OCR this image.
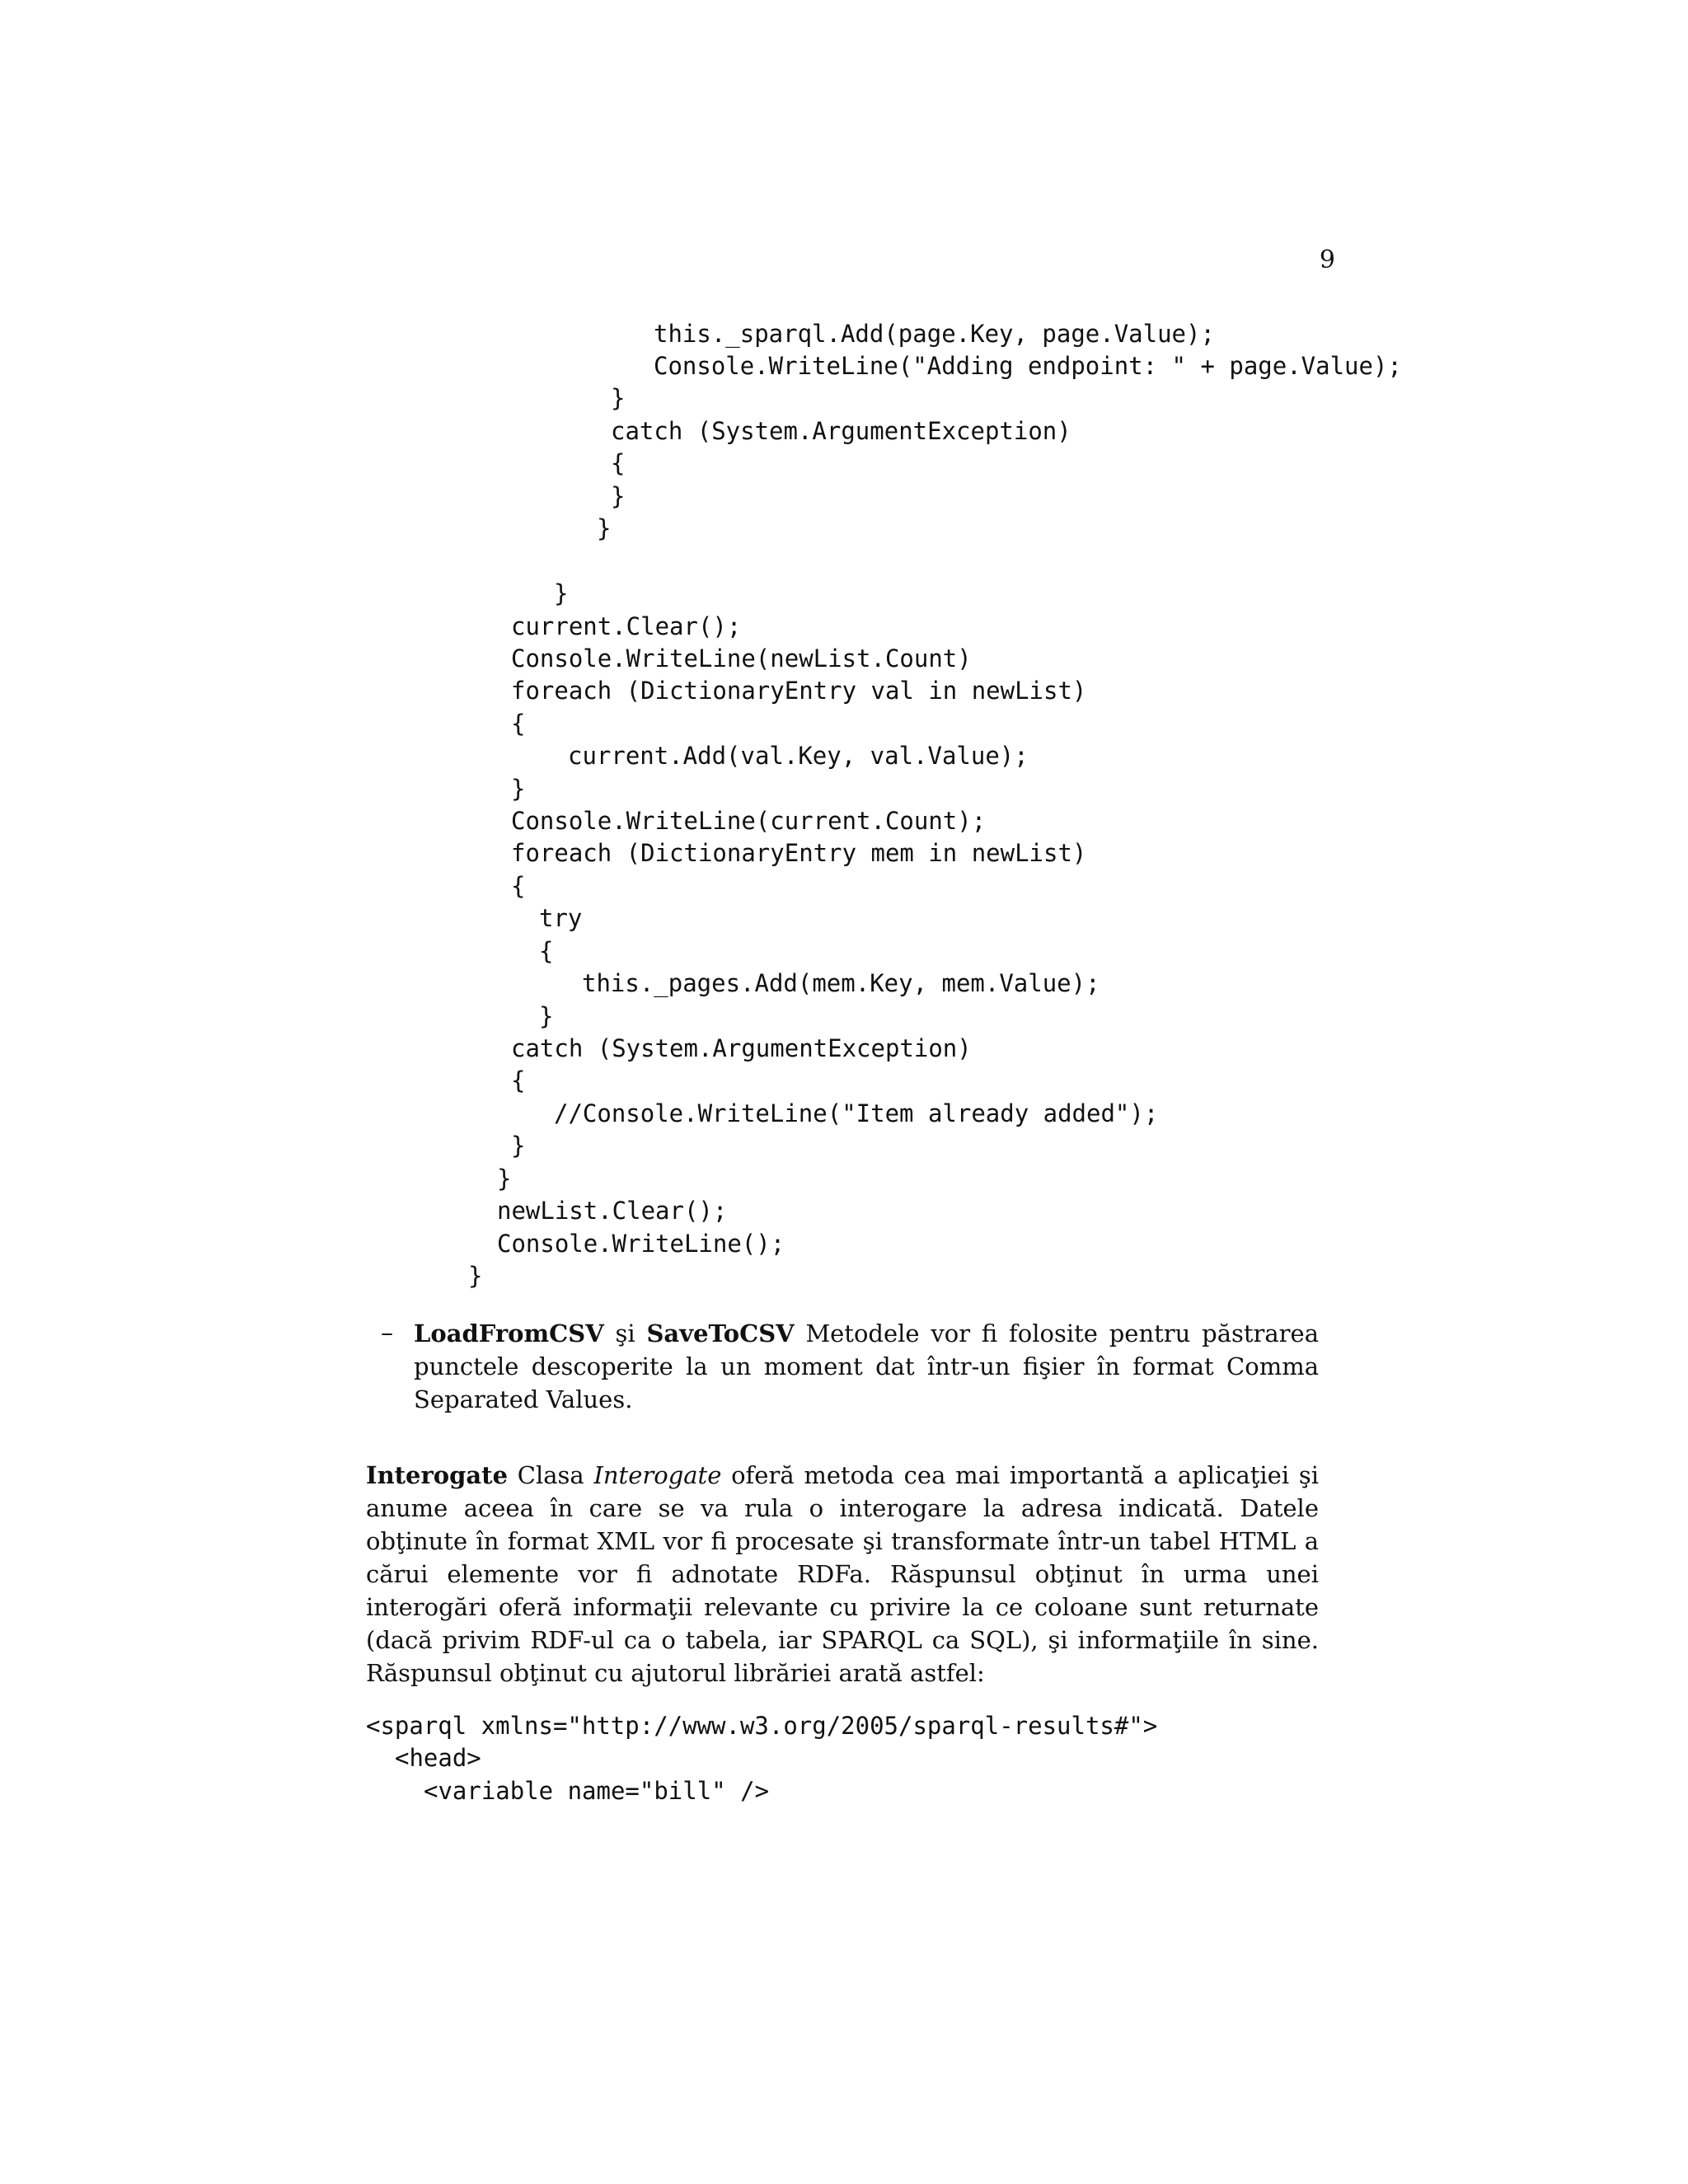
9
this._sparql.Add(page.Key, page.Value);
Console.WriteLine("Adding endpoint: " + page.Value);
}
catch (System.ArgumentException)
{
}
}
}
current.Clear();
Console.WriteLine(newList.Count)
foreach (DictionaryEntry val in newList)
{
current.Add(val.Key, val.Value);
}
Console.WriteLine(current.Count);
foreach (DictionaryEntry mem in newList)
{
try
{
this._pages.Add(mem.Key, mem.Value);
}
catch (System.ArgumentException)
{
//Console.WriteLine("Item already added");
}
}
newList.Clear();
Console.WriteLine();
}
– LoadFromCSV şi SaveToCSV Metodele vor fi folosite pentru păstrarea punctele descoperite la un moment dat într-un fişier în format Comma Separated Values.
Interogate Clasa Interogate oferă metoda cea mai importantă a aplicaţiei şi anume aceea în care se va rula o interogare la adresa indicată. Datele obţinute în format XML vor fi procesate şi transformate într-un tabel HTML a cărui elemente vor fi adnotate RDFa. Răspunsul obţinut în urma unei interogări oferă informaţii relevante cu privire la ce coloane sunt returnate (dacă privim RDF-ul ca o tabela, iar SPARQL ca SQL), şi informaţiile în sine. Răspunsul obţinut cu ajutorul librăriei arată astfel:
<sparql xmlns="http://www.w3.org/2005/sparql-results#">
<head>
<variable name="bill" />
